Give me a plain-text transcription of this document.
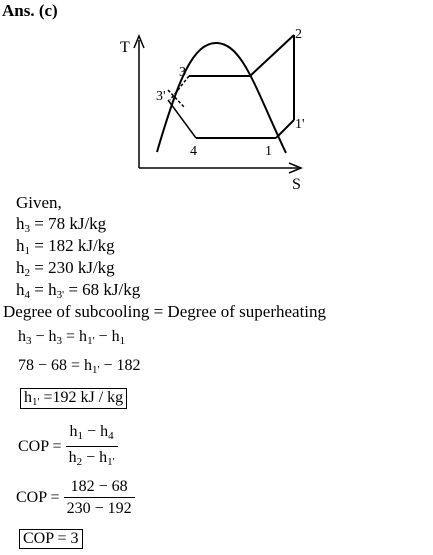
Ans. (c)
T
S
2
3
3'
1'
4	1
Given,
$h_3 = 78$ kJ/kg
$h_1 = 182$ kJ/kg
$h_2 = 230$ kJ/kg
$h_4 = h_{3'} = 68$ kJ/kg
Degree of subcooling = Degree of superheating
$h_3 - h_3 = h_{1'} - h_1$
$78 - 68 = h_{1'} - 182$
$h_{1'} =192$ kJ / kg
COP = $\frac{h_1 - h_4}{h_2 - h_{1'}}$
COP = $\frac{182 - 68}{230 - 192}$
COP = 3
